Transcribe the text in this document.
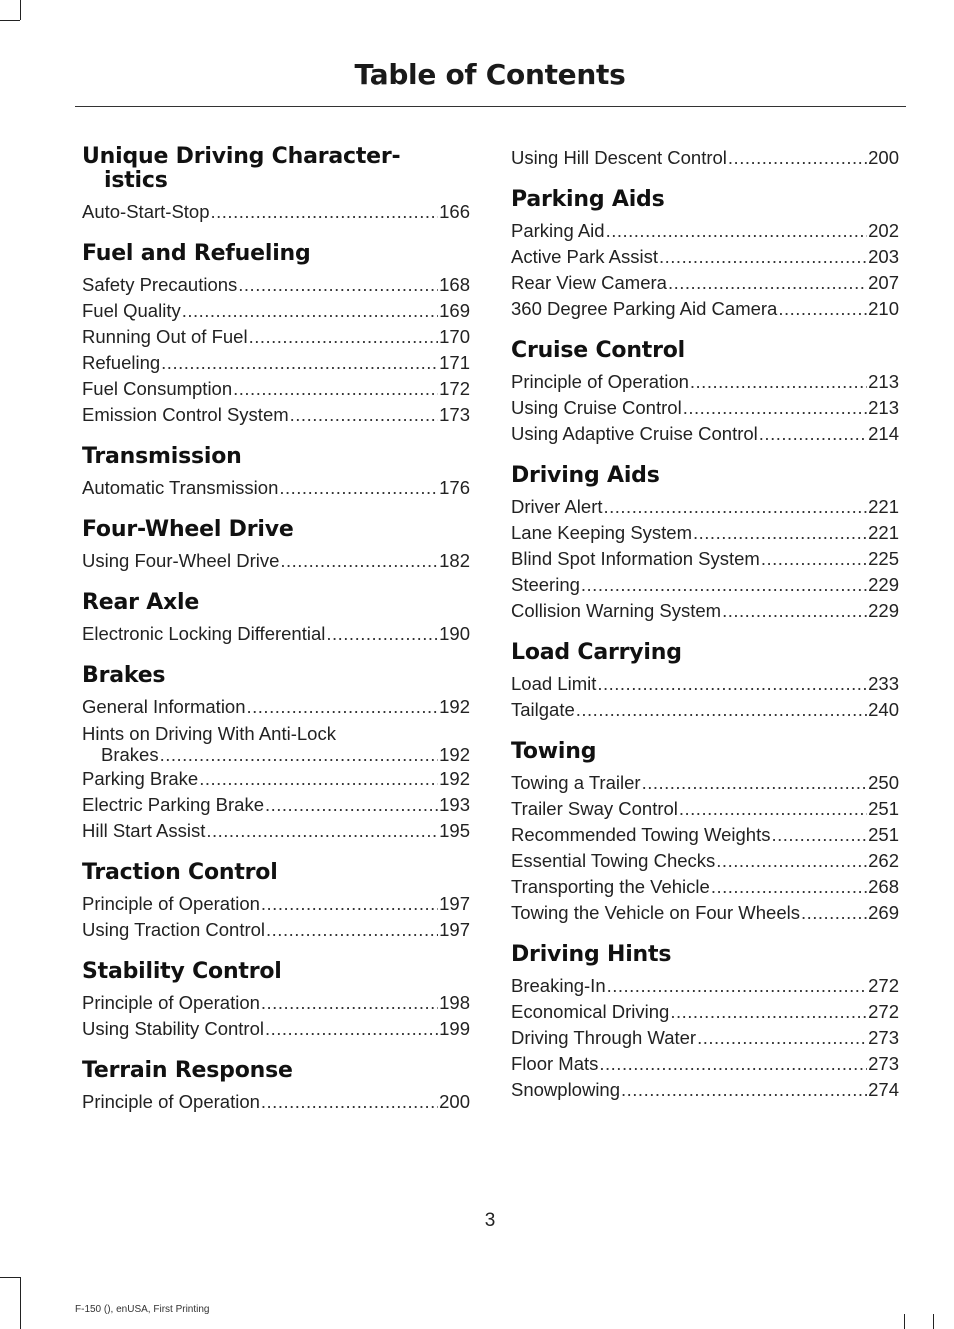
Table of Contents
Unique Driving Character-
istics
Auto-Start-Stop .....	166
Fuel and Refueling
Safety Precautions .....	168
Fuel Quality .....	169
Running Out of Fuel .....	170
Refueling .....	171
Fuel Consumption .....	172
Emission Control System .....	173
Transmission
Automatic Transmission .....	176
Four-Wheel Drive
Using Four-Wheel Drive .....	182
Rear Axle
Electronic Locking Differential .....	190
Brakes
General Information .....	192
Hints on Driving With Anti-Lock
Brakes .....	192
Parking Brake .....	192
Electric Parking Brake .....	193
Hill Start Assist .....	195
Traction Control
Principle of Operation .....	197
Using Traction Control .....	197
Stability Control
Principle of Operation .....	198
Using Stability Control .....	199
Terrain Response
Principle of Operation .....	200
Using Hill Descent Control .....	200
Parking Aids
Parking Aid .....	202
Active Park Assist .....	203
Rear View Camera .....	207
360 Degree Parking Aid Camera .....	210
Cruise Control
Principle of Operation .....	213
Using Cruise Control .....	213
Using Adaptive Cruise Control .....	214
Driving Aids
Driver Alert .....	221
Lane Keeping System .....	221
Blind Spot Information System .....	225
Steering .....	229
Collision Warning System .....	229
Load Carrying
Load Limit .....	233
Tailgate .....	240
Towing
Towing a Trailer .....	250
Trailer Sway Control .....	251
Recommended Towing Weights .....	251
Essential Towing Checks .....	262
Transporting the Vehicle .....	268
Towing the Vehicle on Four Wheels .....	269
Driving Hints
Breaking-In .....	272
Economical Driving .....	272
Driving Through Water .....	273
Floor Mats .....	273
Snowplowing .....	274
3
F-150 (), enUSA, First Printing
